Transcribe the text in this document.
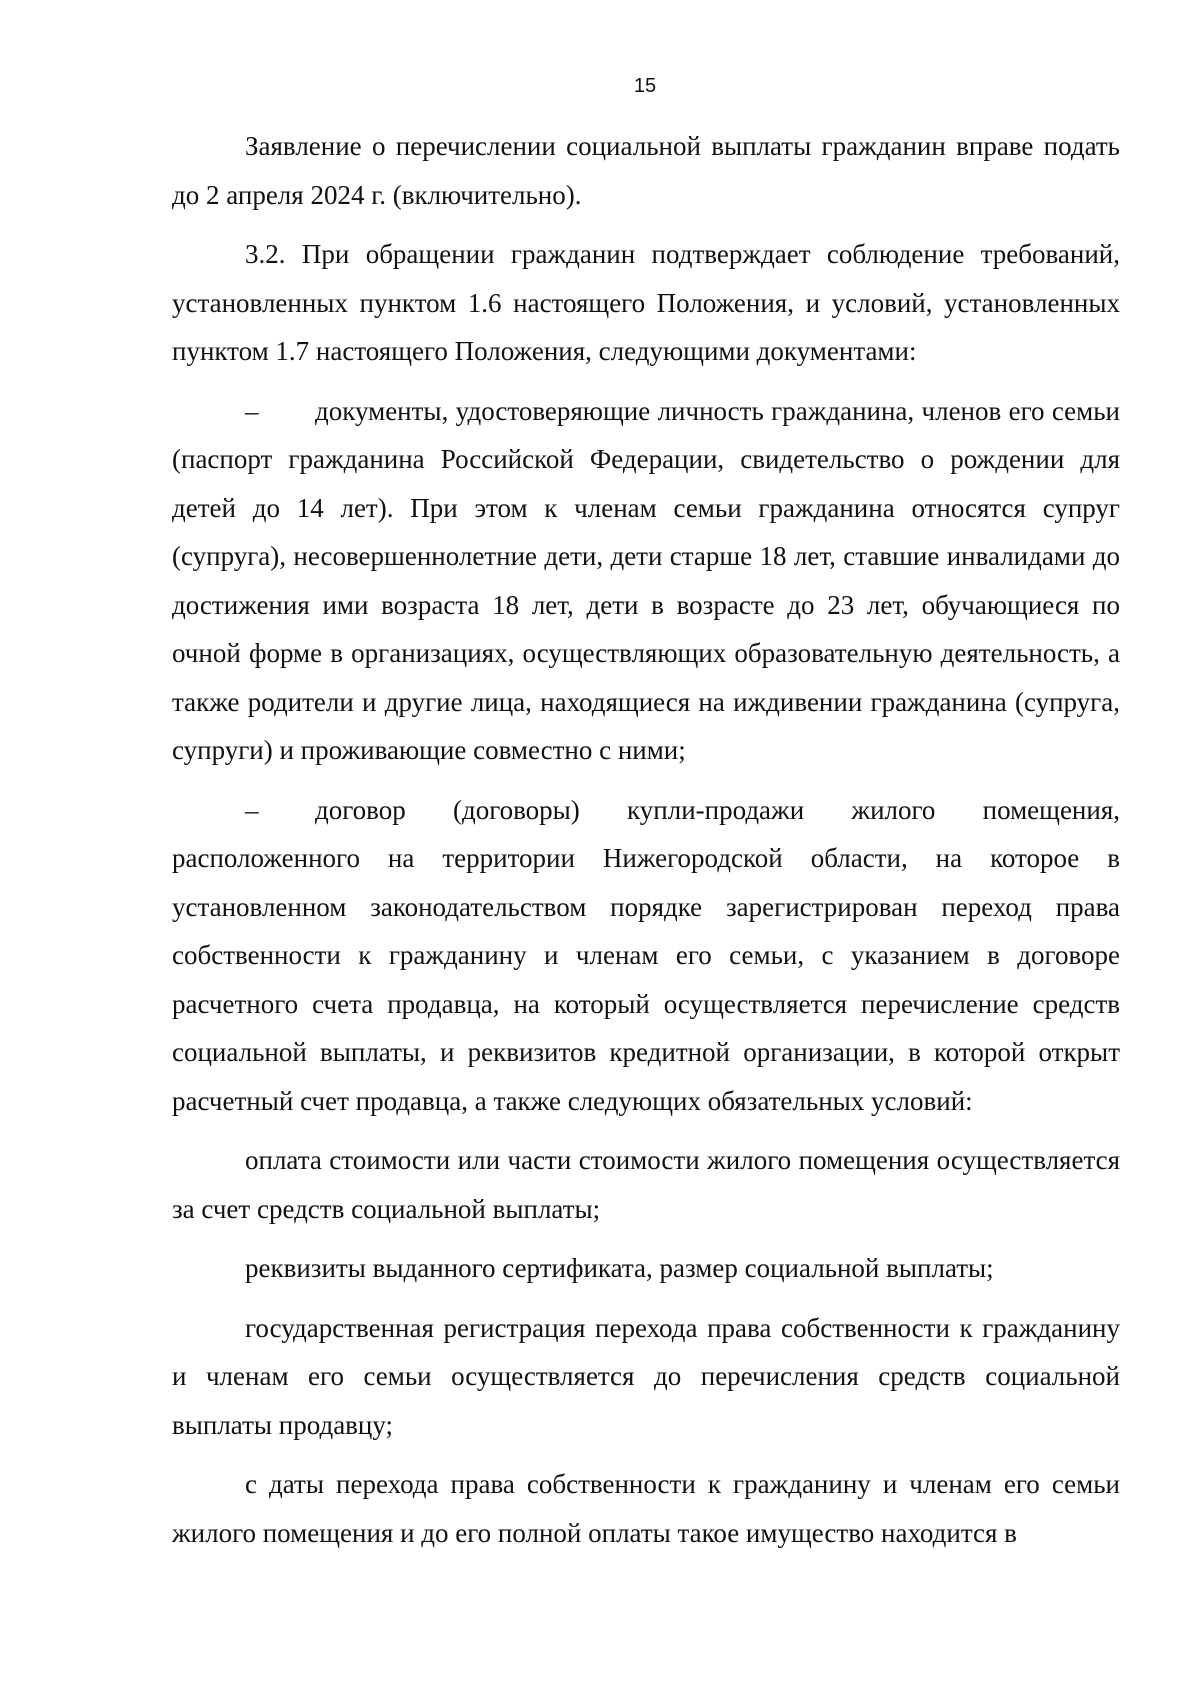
15

Заявление о перечислении социальной выплаты гражданин вправе подать до 2 апреля 2024 г. (включительно).

3.2. При обращении гражданин подтверждает соблюдение требований, установленных пунктом 1.6 настоящего Положения, и условий, установленных пунктом 1.7 настоящего Положения, следующими документами:

– документы, удостоверяющие личность гражданина, членов его семьи (паспорт гражданина Российской Федерации, свидетельство о рождении для детей до 14 лет). При этом к членам семьи гражданина относятся супруг (супруга), несовершеннолетние дети, дети старше 18 лет, ставшие инвалидами до достижения ими возраста 18 лет, дети в возрасте до 23 лет, обучающиеся по очной форме в организациях, осуществляющих образовательную деятельность, а также родители и другие лица, находящиеся на иждивении гражданина (супруга, супруги) и проживающие совместно с ними;

– договор (договоры) купли-продажи жилого помещения, расположенного на территории Нижегородской области, на которое в установленном законодательством порядке зарегистрирован переход права собственности к гражданину и членам его семьи, с указанием в договоре расчетного счета продавца, на который осуществляется перечисление средств социальной выплаты, и реквизитов кредитной организации, в которой открыт расчетный счет продавца, а также следующих обязательных условий:

оплата стоимости или части стоимости жилого помещения осуществляется за счет средств социальной выплаты;

реквизиты выданного сертификата, размер социальной выплаты;

государственная регистрация перехода права собственности к гражданину и членам его семьи осуществляется до перечисления средств социальной выплаты продавцу;

с даты перехода права собственности к гражданину и членам его семьи жилого помещения и до его полной оплаты такое имущество находится в
